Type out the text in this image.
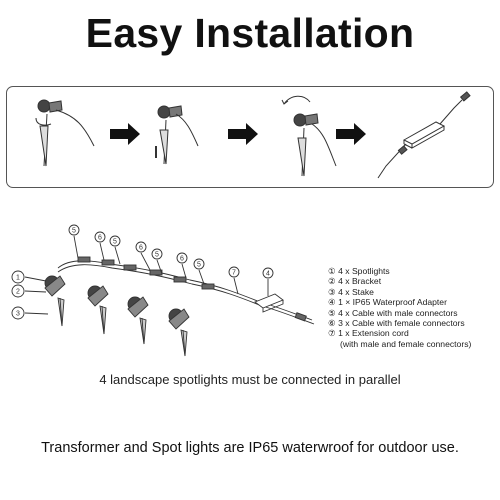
Easy Installation
1
2
3
5
6
5
6
5
6
5
7	4	① 4 x Spotlights
② 4 x Bracket
③ 4 x Stake
④ 1 × IP65 Waterproof Adapter
⑤ 4 x Cable with male connectors
⑥ 3 x Cable with female connectors
⑦ 1 x Extension cord
(with male and female connectors)
4 landscape spotlights must be connected in parallel
Transformer and Spot lights are IP65 waterwroof for outdoor use.
